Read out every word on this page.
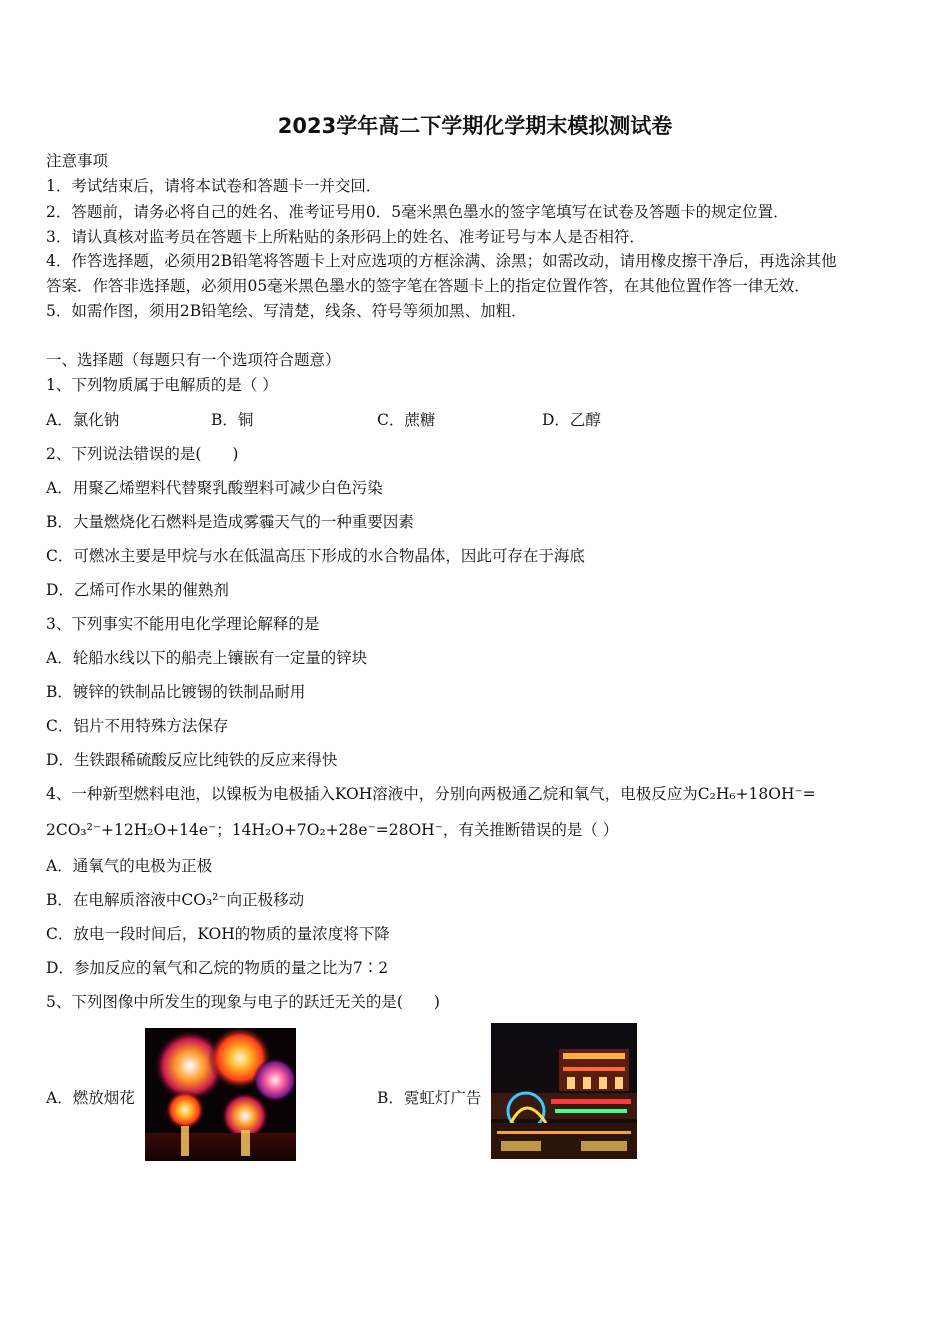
2023学年高二下学期化学期末模拟测试卷
注意事项
1．考试结束后，请将本试卷和答题卡一并交回．
2．答题前，请务必将自己的姓名、准考证号用0．5毫米黑色墨水的签字笔填写在试卷及答题卡的规定位置．
3．请认真核对监考员在答题卡上所粘贴的条形码上的姓名、准考证号与本人是否相符．
4．作答选择题，必须用2B铅笔将答题卡上对应选项的方框涂满、涂黑；如需改动，请用橡皮擦干净后，再选涂其他
答案．作答非选择题，必须用05毫米黑色墨水的签字笔在答题卡上的指定位置作答，在其他位置作答一律无效．
5．如需作图，须用2B铅笔绘、写清楚，线条、符号等须加黑、加粗．
一、选择题（每题只有一个选项符合题意）
1、下列物质属于电解质的是（ ）
A．氯化钠	B．铜	C．蔗糖	D．乙醇
2、下列说法错误的是(　　)
A．用聚乙烯塑料代替聚乳酸塑料可减少白色污染
B．大量燃烧化石燃料是造成雾霾天气的一种重要因素
C．可燃冰主要是甲烷与水在低温高压下形成的水合物晶体，因此可存在于海底
D．乙烯可作水果的催熟剂
3、下列事实不能用电化学理论解释的是
A．轮船水线以下的船壳上镶嵌有一定量的锌块
B．镀锌的铁制品比镀锡的铁制品耐用
C．铝片不用特殊方法保存
D．生铁跟稀硫酸反应比纯铁的反应来得快
4、一种新型燃料电池，以镍板为电极插入KOH溶液中，分别向两极通乙烷和氧气，电极反应为C₂H₆+18OH⁻=
2CO₃²⁻+12H₂O+14e⁻；14H₂O+7O₂+28e⁻=28OH⁻，有关推断错误的是（ ）
A．通氧气的电极为正极
B．在电解质溶液中CO₃²⁻向正极移动
C．放电一段时间后，KOH的物质的量浓度将下降
D．参加反应的氧气和乙烷的物质的量之比为7∶2
5、下列图像中所发生的现象与电子的跃迁无关的是(　　)
A．燃放烟花	B．霓虹灯广告
